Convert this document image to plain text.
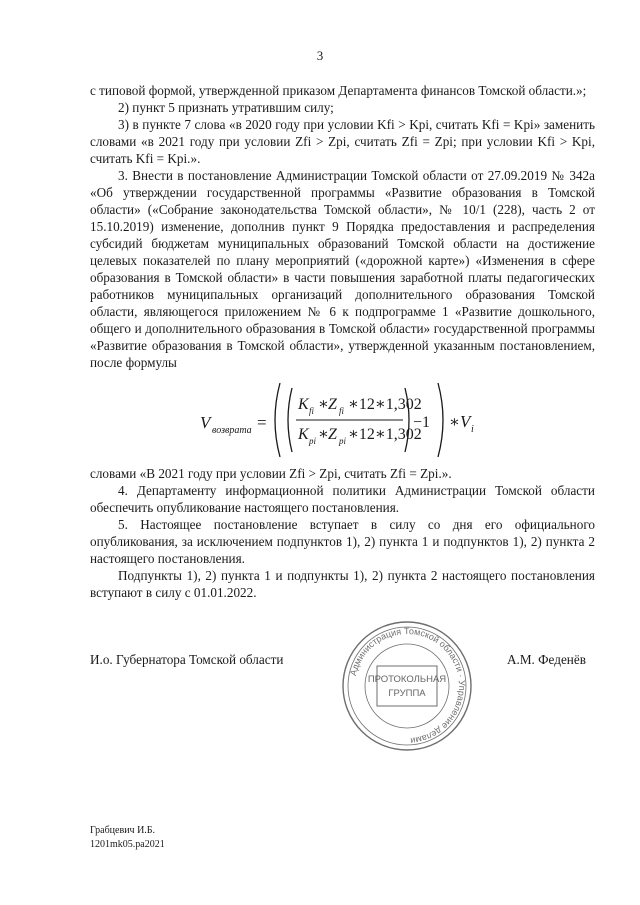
3

с типовой формой, утвержденной приказом Департамента финансов Томской области.»;

2) пункт 5 признать утратившим силу;

3) в пункте 7 слова «в 2020 году при условии Kfi > Kpi, считать Kfi = Kpi» заменить словами «в 2021 году при условии Zfi > Zpi, считать Zfi = Zpi; при условии Kfi > Kpi, считать Kfi = Kpi.».

3. Внести в постановление Администрации Томской области от 27.09.2019 № 342а «Об утверждении государственной программы «Развитие образования в Томской области» («Собрание законодательства Томской области», № 10/1 (228), часть 2 от 15.10.2019) изменение, дополнив пункт 9 Порядка предоставления и распределения субсидий бюджетам муниципальных образований Томской области на достижение целевых показателей по плану мероприятий («дорожной карте») «Изменения в сфере образования в Томской области» в части повышения заработной платы педагогических работников муниципальных организаций дополнительного образования Томской области, являющегося приложением № 6 к подпрограмме 1 «Развитие дошкольного, общего и дополнительного образования в Томской области» государственной программы «Развитие образования в Томской области», утвержденной указанным постановлением, после формулы

V возврата =
K fi ∗ Z fi ∗12∗1,302
K pi ∗ Z pi ∗12∗1,302
−1 ∗ V i

словами «В 2021 году при условии Zfi > Zpi, считать Zfi = Zpi.».

4. Департаменту информационной политики Администрации Томской области обеспечить опубликование настоящего постановления.

5. Настоящее постановление вступает в силу со дня его официального опубликования, за исключением подпунктов 1), 2) пункта 1 и подпунктов 1), 2) пункта 2 настоящего постановления.

Подпункты 1), 2) пункта 1 и подпункты 1), 2) пункта 2 настоящего постановления вступают в силу с 01.01.2022.

И.о. Губернатора Томской области	А.М. Феденёв
Администрация Томской области · Управление делами
ПРОТОКОЛЬНАЯ
ГРУППА
Грабцевич И.Б.
1201mk05.pa2021
